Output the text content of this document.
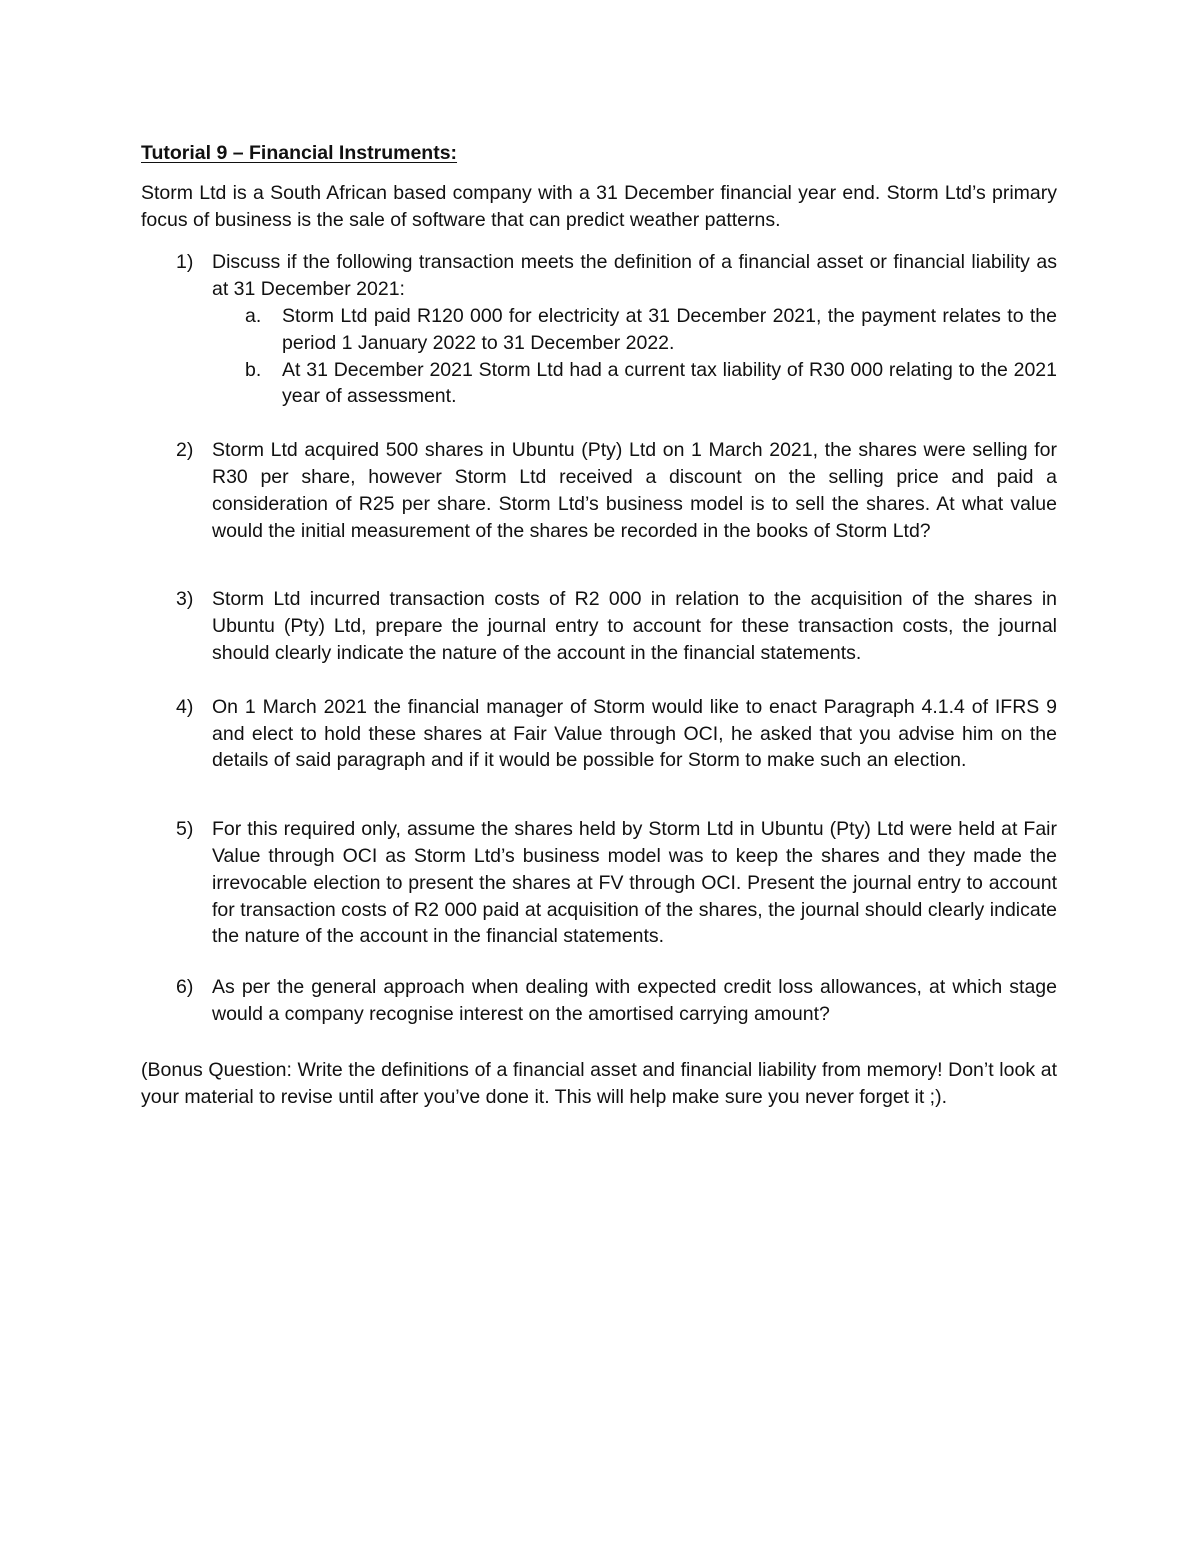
Tutorial 9 – Financial Instruments:

Storm Ltd is a South African based company with a 31 December financial year end. Storm Ltd’s primary focus of business is the sale of software that can predict weather patterns.

1) Discuss if the following transaction meets the definition of a financial asset or financial liability as at 31 December 2021:
a. Storm Ltd paid R120 000 for electricity at 31 December 2021, the payment relates to the period 1 January 2022 to 31 December 2022.
b. At 31 December 2021 Storm Ltd had a current tax liability of R30 000 relating to the 2021 year of assessment.
2) Storm Ltd acquired 500 shares in Ubuntu (Pty) Ltd on 1 March 2021, the shares were selling for R30 per share, however Storm Ltd received a discount on the selling price and paid a consideration of R25 per share. Storm Ltd’s business model is to sell the shares. At what value would the initial measurement of the shares be recorded in the books of Storm Ltd?
3) Storm Ltd incurred transaction costs of R2 000 in relation to the acquisition of the shares in Ubuntu (Pty) Ltd, prepare the journal entry to account for these transaction costs, the journal should clearly indicate the nature of the account in the financial statements.
4) On 1 March 2021 the financial manager of Storm would like to enact Paragraph 4.1.4 of IFRS 9 and elect to hold these shares at Fair Value through OCI, he asked that you advise him on the details of said paragraph and if it would be possible for Storm to make such an election.
5) For this required only, assume the shares held by Storm Ltd in Ubuntu (Pty) Ltd were held at Fair Value through OCI as Storm Ltd’s business model was to keep the shares and they made the irrevocable election to present the shares at FV through OCI. Present the journal entry to account for transaction costs of R2 000 paid at acquisition of the shares, the journal should clearly indicate the nature of the account in the financial statements.
6) As per the general approach when dealing with expected credit loss allowances, at which stage would a company recognise interest on the amortised carrying amount?

(Bonus Question: Write the definitions of a financial asset and financial liability from memory! Don’t look at your material to revise until after you’ve done it. This will help make sure you never forget it ;).
